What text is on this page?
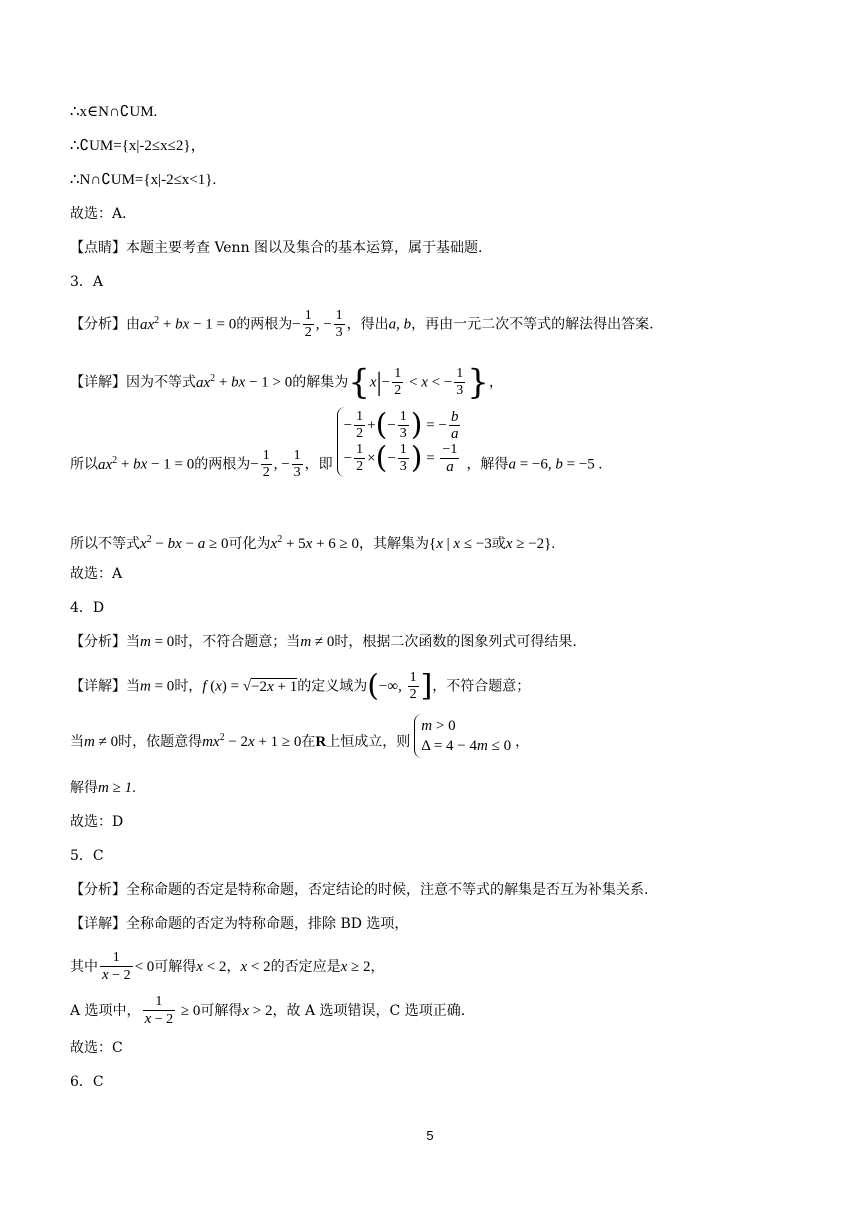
∴x∈N∩∁UM.
∴∁UM={x|-2≤x≤2}，
∴N∩∁UM={x|-2≤x<1}.
故选：A．
【点睛】本题主要考查 Venn 图以及集合的基本运算，属于基础题.
3．A
【分析】由$ax^2$ + bx − 1 = 0的两根为− $\frac{1}{2}$ , − $\frac{1}{3}$ ，得出a, b，再由一元二次不等式的解法得出答案.
【详解】因为不等式$ax^2$ + bx − 1 > 0的解集为{$x|- \frac{1}{2} < x$ < − $\frac{1}{3}$ }，
所以$ax^2$ + bx − 1 = 0的两根为− $\frac{1}{2}$ , − $\frac{1}{3}$ ，即
− $\frac{1}{2}$ +(− $\frac{1}{3}$ ) = − $\frac{b}{a}$
− $\frac{1}{2}$ ×(− $\frac{1}{3}$ ) = $\frac{-1}{a}$ ，解得a = −6, b = −5 .
所以不等式$x^2$ − bx − a ≥ 0可化为$x^2 + 5x + 6 \ge 0$，其解集为{x | x ≤ −3或x ≥ −2}.
故选：A
4．D
【分析】当m = 0时，不符合题意；当m ≠ 0时，根据二次函数的图象列式可得结果.
【详解】当m = 0时，f (x) = √−2x + 1的定义域为(−∞, $\frac{1}{2}$ ]，不符合题意；
当m ≠ 0时，依题意得$mx^2 - 2x + 1 \ge 0$在R上恒成立，则
m > 0
Δ = 4 − 4m ≤ 0 ，
解得m ≥ 1.
故选：D
5．C
【分析】全称命题的否定是特称命题，否定结论的时候，注意不等式的解集是否互为补集关系.
【详解】全称命题的否定为特称命题，排除 BD 选项，
其中 $\frac{1}{x - 2} < 0$可解得x < 2，x < 2的否定应是x ≥ 2，
A 选项中， $\frac{1}{x - 2} \ge 0$可解得x > 2，故 A 选项错误，C 选项正确.
故选：C
6．C
5
